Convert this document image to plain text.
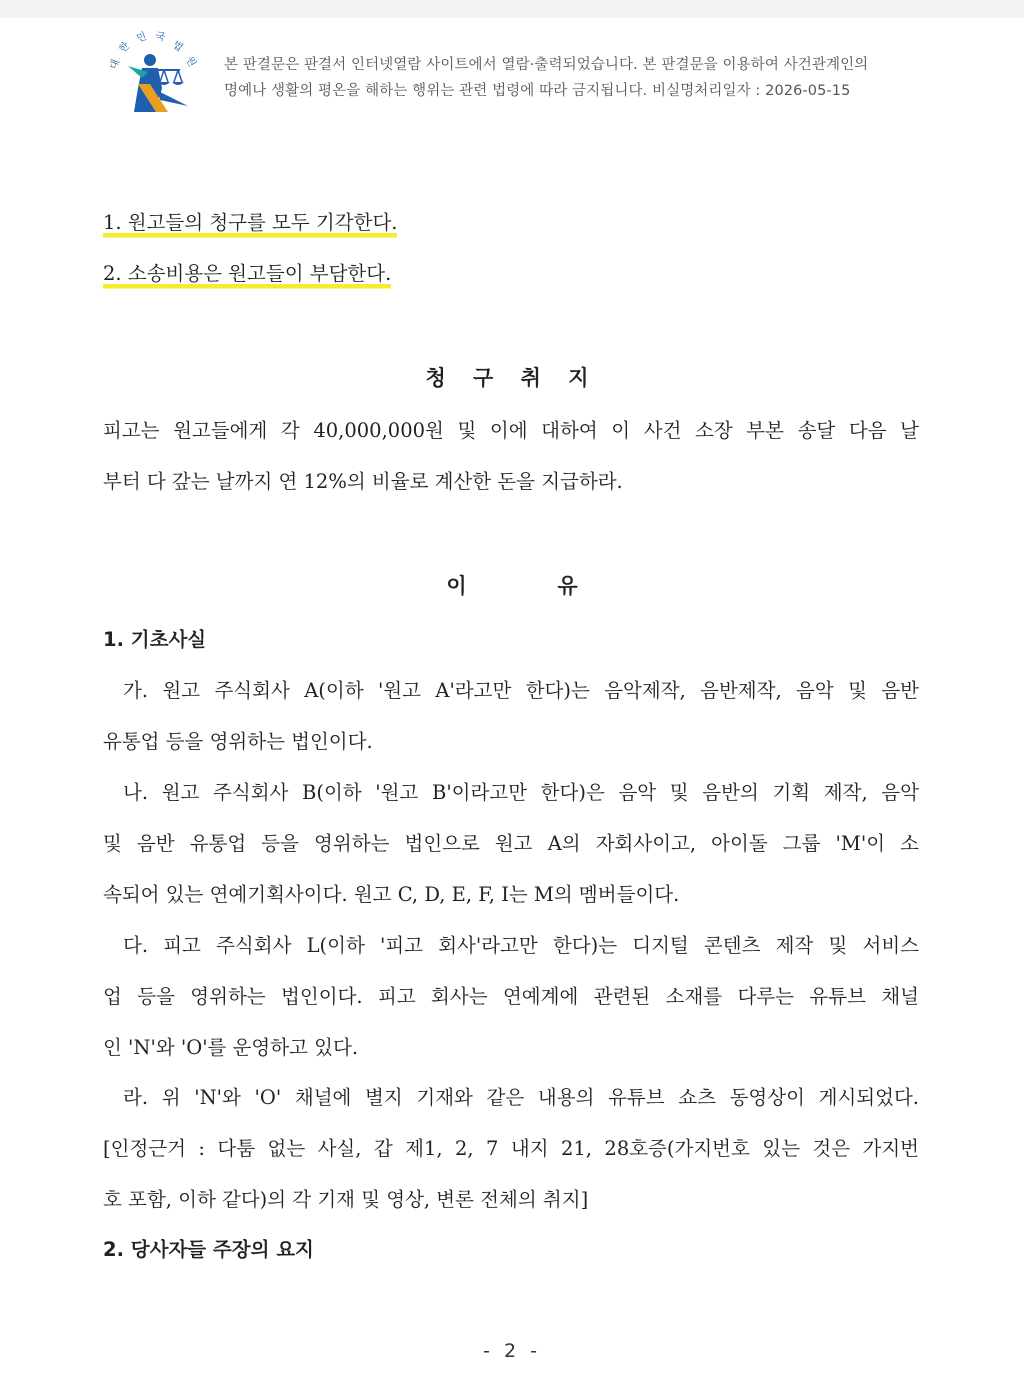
대
한
민 국
법
원 본 판결문은 판결서 인터넷열람 사이트에서 열람·출력되었습니다. 본 판결문을 이용하여 사건관계인의
명예나 생활의 평온을 해하는 행위는 관련 법령에 따라 금지됩니다. 비실명처리일자 : 2026-05-15
1. 원고들의 청구를 모두 기각한다.
2. 소송비용은 원고들이 부담한다.
청 구 취 지
피고는 원고들에게 각 40,000,000원 및 이에 대하여 이 사건 소장 부본 송달 다음 날
부터 다 갚는 날까지 연 12%의 비율로 계산한 돈을 지급하라.
이	유
1. 기초사실
가. 원고 주식회사 A(이하 '원고 A'라고만 한다)는 음악제작, 음반제작, 음악 및 음반
유통업 등을 영위하는 법인이다.
나. 원고 주식회사 B(이하 '원고 B'이라고만 한다)은 음악 및 음반의 기획 제작, 음악
및 음반 유통업 등을 영위하는 법인으로 원고 A의 자회사이고, 아이돌 그룹 'M'이 소
속되어 있는 연예기획사이다. 원고 C, D, E, F, I는 M의 멤버들이다.
다. 피고 주식회사 L(이하 '피고 회사'라고만 한다)는 디지털 콘텐츠 제작 및 서비스
업 등을 영위하는 법인이다. 피고 회사는 연예계에 관련된 소재를 다루는 유튜브 채널
인 'N'와 'O'를 운영하고 있다.
라. 위 'N'와 'O' 채널에 별지 기재와 같은 내용의 유튜브 쇼츠 동영상이 게시되었다.
[인정근거 : 다툼 없는 사실, 갑 제1, 2, 7 내지 21, 28호증(가지번호 있는 것은 가지번
호 포함, 이하 같다)의 각 기재 및 영상, 변론 전체의 취지]
2. 당사자들 주장의 요지
- 2 -
